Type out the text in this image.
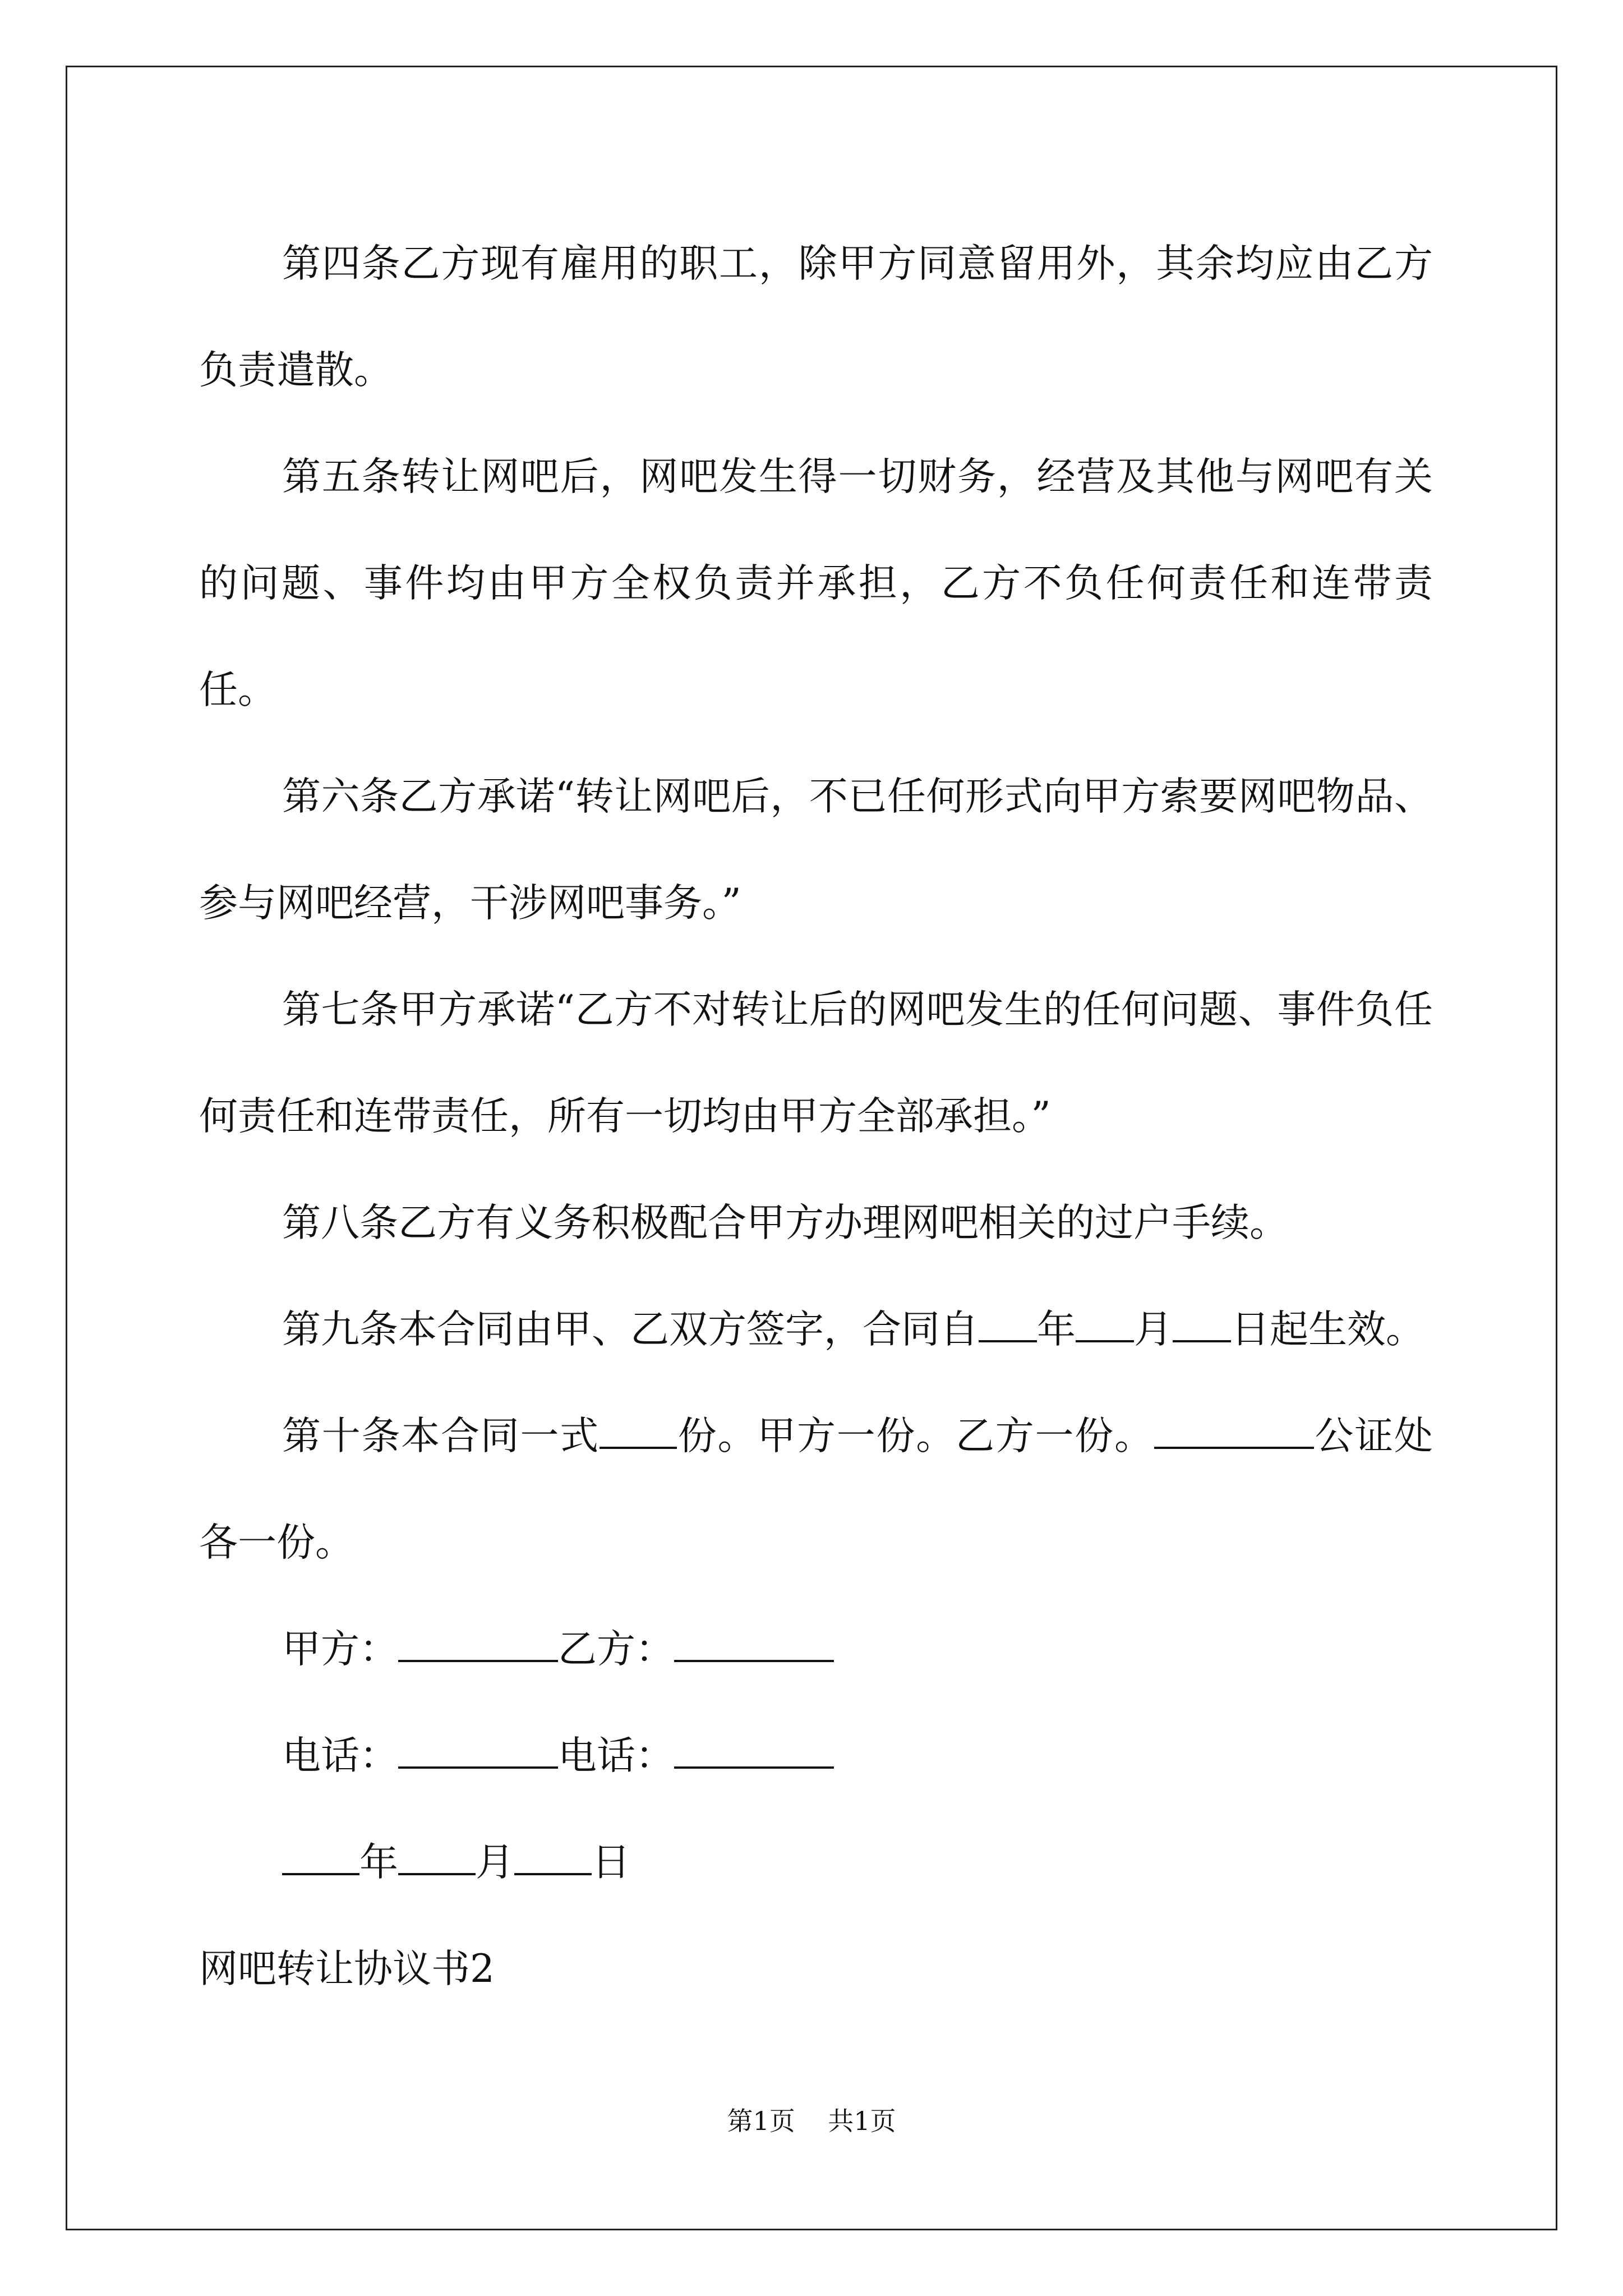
第四条乙方现有雇用的职工，除甲方同意留用外，其余均应由乙方负责遣散。

第五条转让网吧后，网吧发生得一切财务，经营及其他与网吧有关的问题、事件均由甲方全权负责并承担，乙方不负任何责任和连带责任。

第六条乙方承诺“转让网吧后，不已任何形式向甲方索要网吧物品、参与网吧经营，干涉网吧事务。”

第七条甲方承诺“乙方不对转让后的网吧发生的任何问题、事件负任何责任和连带责任，所有一切均由甲方全部承担。”

第八条乙方有义务积极配合甲方办理网吧相关的过户手续。

第九条本合同由甲、乙双方签字，合同自 年 月 日起生效。

第十条本合同一式 份。甲方一份。乙方一份。	公证处各一份。

甲方：	乙方：

电话：	电话：

年 月 日

网吧转让协议书2

第1页    共1页
